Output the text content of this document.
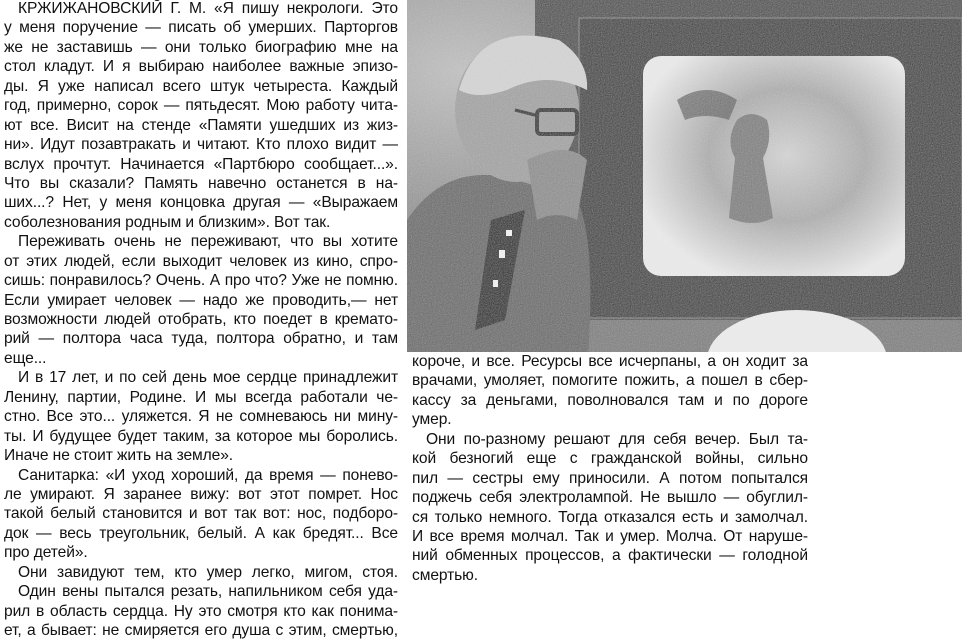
КРЖИЖАНОВСКИЙ Г. М. «Я пишу некрологи. Это
у меня поручение — писать об умерших. Парторгов
же не заставишь — они только биографию мне на
стол кладут. И я выбираю наиболее важные эпизо-
ды. Я уже написал всего штук четыреста. Каждый
год, примерно, сорок — пятьдесят. Мою работу чита-
ют все. Висит на стенде «Памяти ушедших из жиз-
ни». Идут позавтракать и читают. Кто плохо видит —
вслух прочтут. Начинается «Партбюро сообщает...».
Что вы сказали? Память навечно останется в на-
ших...? Нет, у меня концовка другая — «Выражаем
соболезнования родным и близким». Вот так.
Переживать очень не переживают, что вы хотите
от этих людей, если выходит человек из кино, спро-
сишь: понравилось? Очень. А про что? Уже не помню.
Если умирает человек — надо же проводить,— нет
возможности людей отобрать, кто поедет в кремато-
рий — полтора часа туда, полтора обратно, и там
еще...
И в 17 лет, и по сей день мое сердце принадлежит
Ленину, партии, Родине. И мы всегда работали че-
стно. Все это... уляжется. Я не сомневаюсь ни мину-
ты. И будущее будет таким, за которое мы боролись.
Иначе не стоит жить на земле».
Санитарка: «И уход хороший, да время — понево-
ле умирают. Я заранее вижу: вот этот помрет. Нос
такой белый становится и вот так вот: нос, подборо-
док — весь треугольник, белый. А как бредят... Все
про детей».
Они завидуют тем, кто умер легко, мигом, стоя.
Один вены пытался резать, напильником себя уда-
рил в область сердца. Ну это смотря кто как понима-
ет, а бывает: не смиряется его душа с этим, смертью,
короче, и все. Ресурсы все исчерпаны, а он ходит за
врачами, умоляет, помогите пожить, а пошел в сбер-
кассу за деньгами, поволновался там и по дороге
умер.
Они по-разному решают для себя вечер. Был та-
кой безногий еще с гражданской войны, сильно
пил — сестры ему приносили. А потом попытался
поджечь себя электролампой. Не вышло — обуглил-
ся только немного. Тогда отказался есть и замолчал.
И все время молчал. Так и умер. Молча. От наруше-
ний обменных процессов, а фактически — голодной
смертью.
